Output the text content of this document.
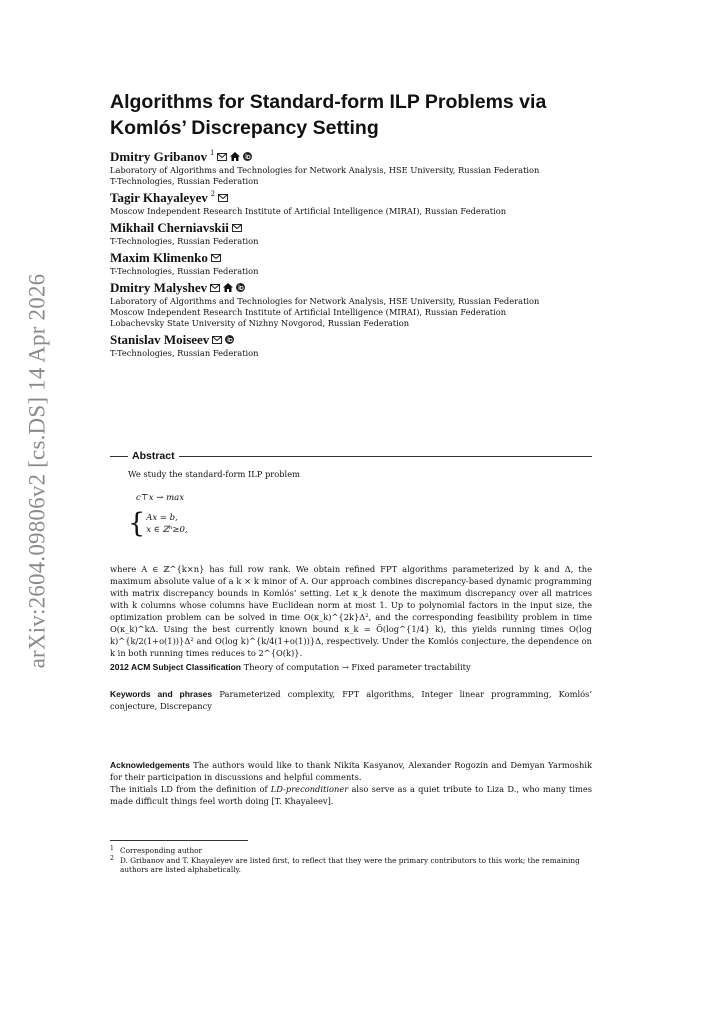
arXiv:2604.09806v2 [cs.DS] 14 Apr 2026
Algorithms for Standard-form ILP Problems via Komlós’ Discrepancy Setting
Dmitry Gribanov $^1$

Laboratory of Algorithms and Technologies for Network Analysis, HSE University, Russian Federation

T-Technologies, Russian Federation

Tagir Khayaleyev $^2$

Moscow Independent Research Institute of Artificial Intelligence (MIRAI), Russian Federation

Mikhail Cherniavskii

T-Technologies, Russian Federation

Maxim Klimenko

T-Technologies, Russian Federation

Dmitry Malyshev

Laboratory of Algorithms and Technologies for Network Analysis, HSE University, Russian Federation

Moscow Independent Research Institute of Artificial Intelligence (MIRAI), Russian Federation

Lobachevsky State University of Nizhny Novgorod, Russian Federation

Stanislav Moiseev

T-Technologies, Russian Federation

Abstract

We study the standard-form ILP problem

c⊤x → max
{ Ax = b,
x ∈ ℤⁿ≥0,

where A ∈ ℤ^{k×n} has full row rank. We obtain refined FPT algorithms parameterized by k and Δ, the maximum absolute value of a k × k minor of A. Our approach combines discrepancy-based dynamic programming with matrix discrepancy bounds in Komlós’ setting. Let κ_k denote the maximum discrepancy over all matrices with k columns whose columns have Euclidean norm at most 1. Up to polynomial factors in the input size, the optimization problem can be solved in time O(κ_k)^{2k}Δ², and the corresponding feasibility problem in time O(κ_k)^kΔ. Using the best currently known bound κ_k = Õ(log^{1/4} k), this yields running times O(log k)^{k/2(1+o(1))}Δ² and O(log k)^{k/4(1+o(1))}Δ, respectively. Under the Komlós conjecture, the dependence on k in both running times reduces to 2^{O(k)}.

2012 ACM Subject Classification Theory of computation → Fixed parameter tractability

Keywords and phrases Parameterized complexity, FPT algorithms, Integer linear programming, Komlós’ conjecture, Discrepancy

Acknowledgements The authors would like to thank Nikita Kasyanov, Alexander Rogozin and Demyan Yarmoshik for their participation in discussions and helpful comments.

The initials LD from the definition of LD-preconditioner also serve as a quiet tribute to Liza D., who many times made difficult things feel worth doing [T. Khayaleev].

1 Corresponding author
2 D. Gribanov and T. Khayaleyev are listed first, to reflect that they were the primary contributors to this work; the remaining authors are listed alphabetically.
